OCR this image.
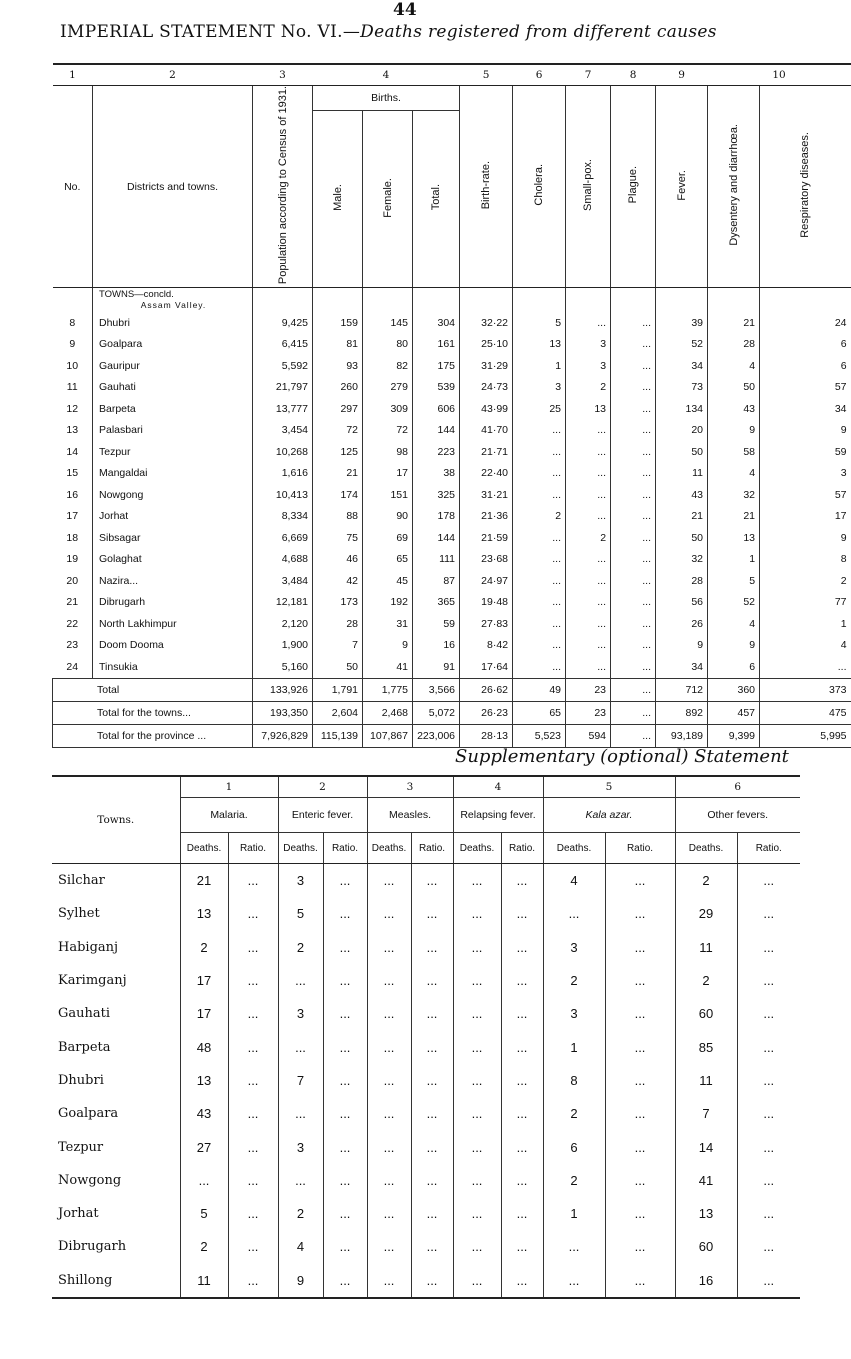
44
IMPERIAL STATEMENT No. VI.—Deaths registered from different causes
1	2	3	4			5	6	7	8	9	10	
No.	Districts and towns.	Population according to Census of 1931.	Births.			Birth-rate.	Cholera.	Small-pox.	Plague.	Fever.	Dysentery and diarrhœa.	Respiratory diseases.
			Male.	Female.	Total.							

	TOWNS—concld.
Assam Valley.											

8	Dhubri	9,425	159	145	304	32·22	5	...	...	39	21	24
9	Goalpara	6,415	81	80	161	25·10	13	3	...	52	28	6
10	Gauripur	5,592	93	82	175	31·29	1	3	...	34	4	6
11	Gauhati	21,797	260	279	539	24·73	3	2	...	73	50	57
12	Barpeta	13,777	297	309	606	43·99	25	13	...	134	43	34
13	Palasbari	3,454	72	72	144	41·70	...	...	...	20	9	9
14	Tezpur	10,268	125	98	223	21·71	...	...	...	50	58	59
15	Mangaldai	1,616	21	17	38	22·40	...	...	...	11	4	3
16	Nowgong	10,413	174	151	325	31·21	...	...	...	43	32	57
17	Jorhat	8,334	88	90	178	21·36	2	...	...	21	21	17
18	Sibsagar	6,669	75	69	144	21·59	...	2	...	50	13	9
19	Golaghat	4,688	46	65	111	23·68	...	...	...	32	1	8
20	Nazira...	3,484	42	45	87	24·97	...	...	...	28	5	2
21	Dibrugarh	12,181	173	192	365	19·48	...	...	...	56	52	77
22	North Lakhimpur	2,120	28	31	59	27·83	...	...	...	26	4	1
23	Doom Dooma	1,900	7	9	16	8·42	...	...	...	9	9	4
24	Tinsukia	5,160	50	41	91	17·64	...	...	...	34	6	...
Total		133,926	1,791	1,775	3,566	26·62	49	23	...	712	360	373
Total for the towns...		193,350	2,604	2,468	5,072	26·23	65	23	...	892	457	475
Total for the province ...		7,926,829	115,139	107,867	223,006	28·13	5,523	594	...	93,189	9,399	5,995
Supplementary (optional) Statement
Towns.	1		2		3		4		5		6	
	Malaria.		Enteric fever.		Measles.		Relapsing fever.		Kala azar.		Other fevers.	
	Deaths.	Ratio.	Deaths.	Ratio.	Deaths.	Ratio.	Deaths.	Ratio.	Deaths.	Ratio.	Deaths.	Ratio.
Silchar	21	...	3	...	...	...	...	...	4	...	2	...
Sylhet	13	...	5	...	...	...	...	...	...	...	29	...
Habiganj	2	...	2	...	...	...	...	...	3	...	11	...
Karimganj	17	...	...	...	...	...	...	...	2	...	2	...
Gauhati	17	...	3	...	...	...	...	...	3	...	60	...
Barpeta	48	...	...	...	...	...	...	...	1	...	85	...
Dhubri	13	...	7	...	...	...	...	...	8	...	11	...
Goalpara	43	...	...	...	...	...	...	...	2	...	7	...
Tezpur	27	...	3	...	...	...	...	...	6	...	14	...
Nowgong	...	...	...	...	...	...	...	...	2	...	41	...
Jorhat	5	...	2	...	...	...	...	...	1	...	13	...
Dibrugarh	2	...	4	...	...	...	...	...	...	...	60	...
Shillong	11	...	9	...	...	...	...	...	...	...	16	...
